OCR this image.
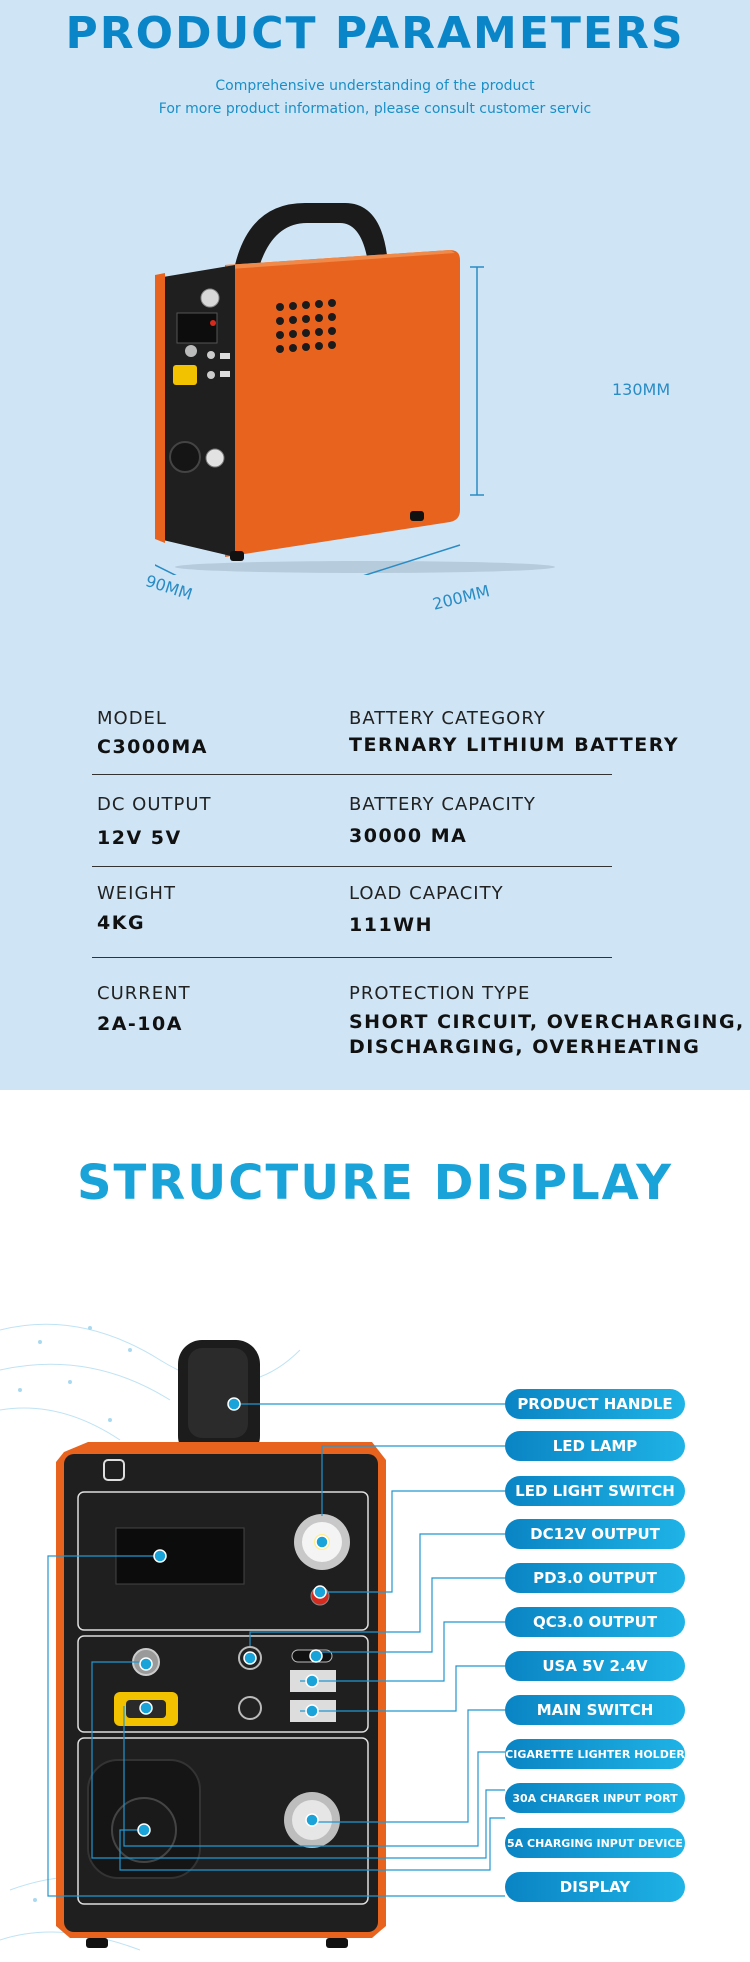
PRODUCT PARAMETERS
Comprehensive understanding of the product
For more product information, please consult customer servic
130MM
90MM	200MM
MODEL
C3000MA
BATTERY CATEGORY
TERNARY LITHIUM BATTERY
DC OUTPUT
12V 5V
BATTERY CAPACITY
30000 MA
WEIGHT
4KG
LOAD CAPACITY
111WH
CURRENT
2A-10A
PROTECTION TYPE
SHORT CIRCUIT, OVERCHARGING,
DISCHARGING, OVERHEATING
STRUCTURE DISPLAY
PRODUCT HANDLE
LED LAMP
LED LIGHT SWITCH
DC12V OUTPUT
PD3.0 OUTPUT
QC3.0 OUTPUT
USA 5V 2.4V
MAIN SWITCH
CIGARETTE LIGHTER HOLDER
30A CHARGER INPUT PORT
5A CHARGING INPUT DEVICE
DISPLAY
